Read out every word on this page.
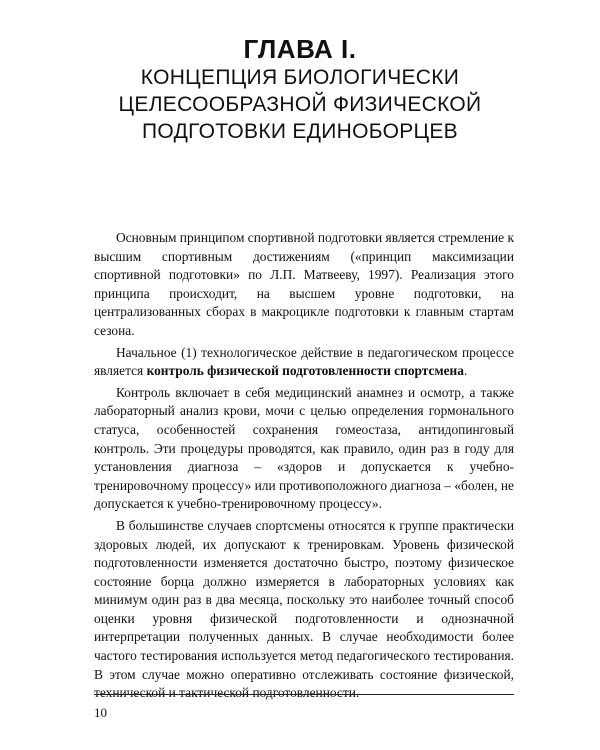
ГЛАВА I.
КОНЦЕПЦИЯ БИОЛОГИЧЕСКИ
ЦЕЛЕСООБРАЗНОЙ ФИЗИЧЕСКОЙ
ПОДГОТОВКИ ЕДИНОБОРЦЕВ

Основным принципом спортивной подготовки является стремление к высшим спортивным достижениям («принцип максимизации спортивной подготовки» по Л.П. Матвееву, 1997). Реализация этого принципа происходит, на высшем уровне подготовки, на централизованных сборах в макроцикле подготовки к главным стартам сезона.

Начальное (1) технологическое действие в педагогическом процессе является контроль физической подготовленности спортсмена.

Контроль включает в себя медицинский анамнез и осмотр, а также лабораторный анализ крови, мочи с целью определения гормонального статуса, особенностей сохранения гомеостаза, антидопинговый контроль. Эти процедуры проводятся, как правило, один раз в году для установления диагноза – «здоров и допускается к учебно-тренировочному процессу» или противоположного диагноза – «болен, не допускается к учебно-тренировочному процессу».

В большинстве случаев спортсмены относятся к группе практически здоровых людей, их допускают к тренировкам. Уровень физической подготовленности изменяется достаточно быстро, поэтому физическое состояние борца должно измеряется в лабораторных условиях как минимум один раз в два месяца, поскольку это наиболее точный способ оценки уровня физической подготовленности и однозначной интерпретации полученных данных. В случае необходимости более частого тестирования используется метод педагогического тестирования. В этом случае можно оперативно отслеживать состояние физической, технической и тактической подготовленности.

10
